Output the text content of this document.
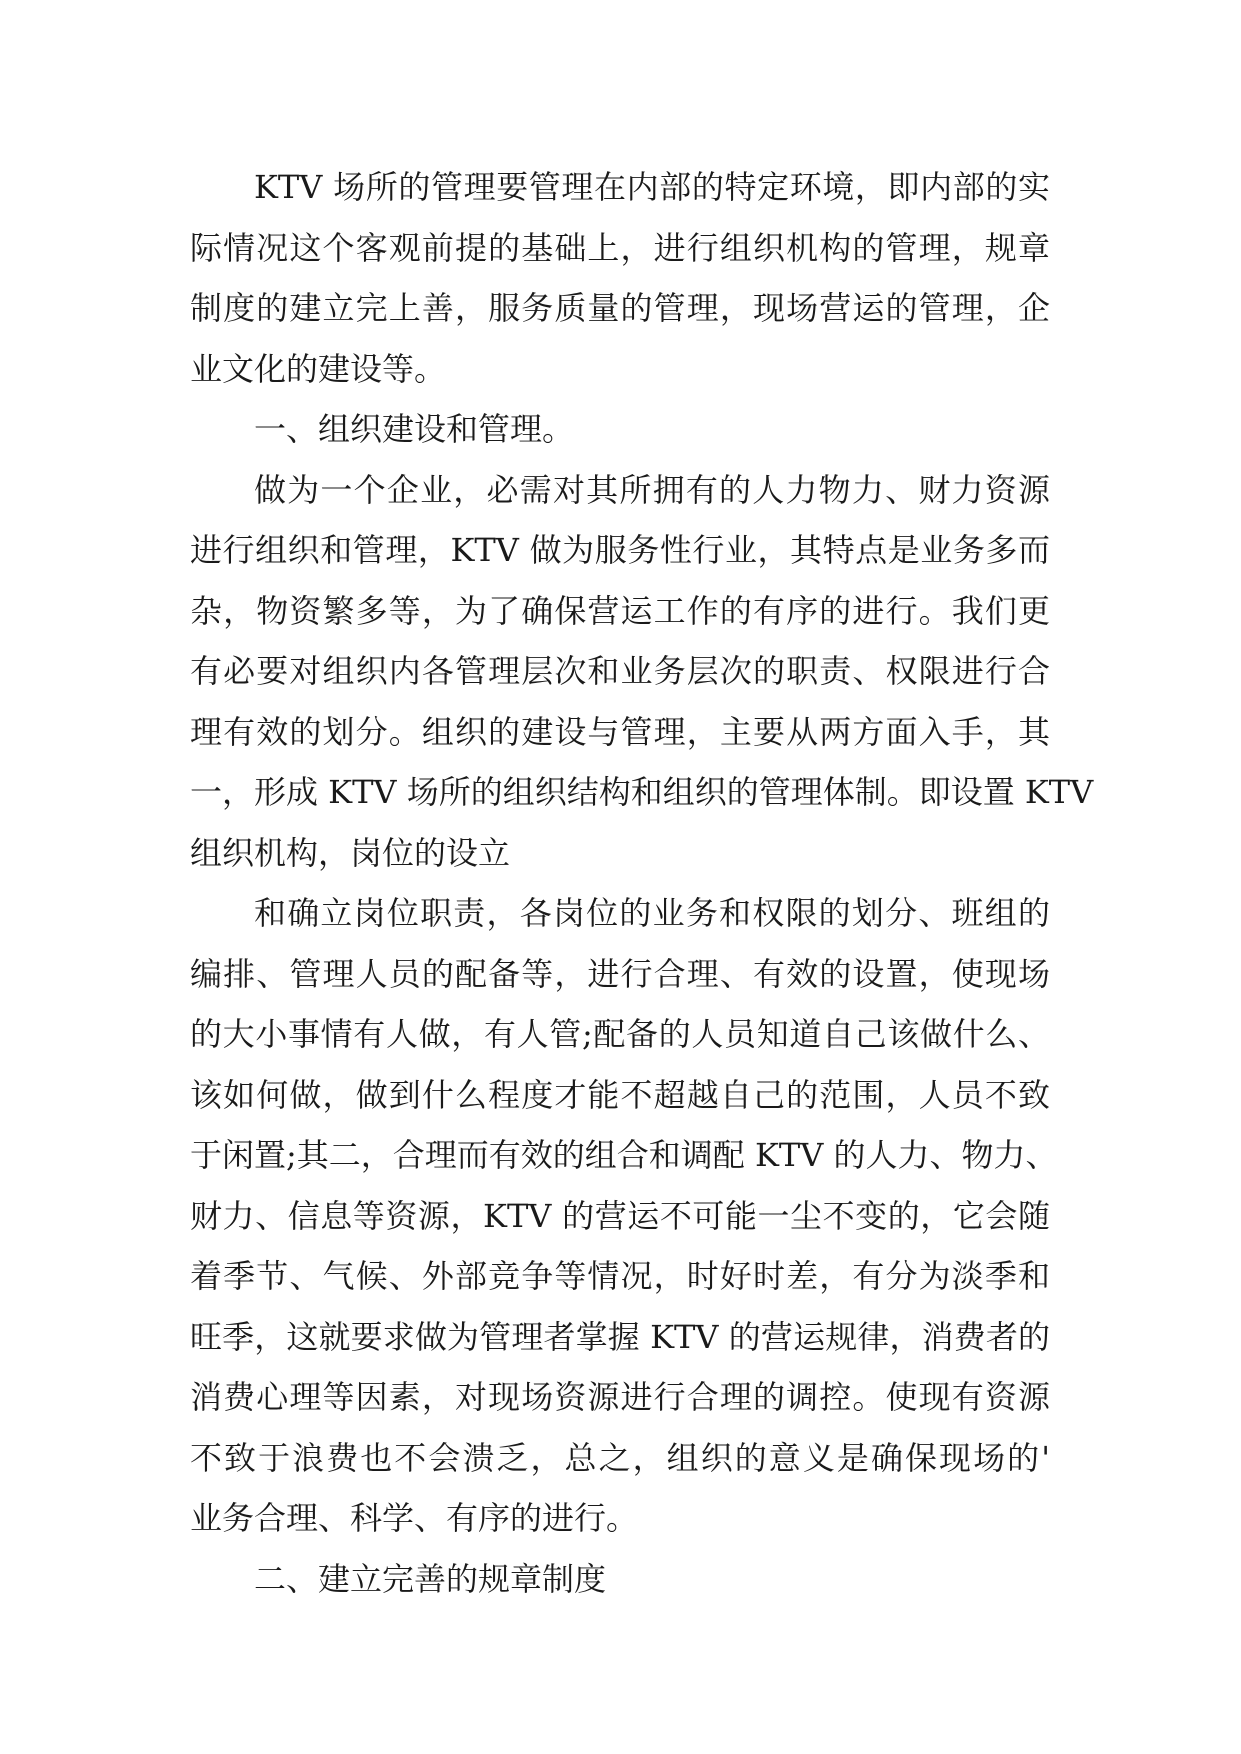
KTV 场所的管理要管理在内部的特定环境，即内部的实
际情况这个客观前提的基础上，进行组织机构的管理，规章
制度的建立完上善，服务质量的管理，现场营运的管理，企
业文化的建设等。
一、组织建设和管理。
做为一个企业，必需对其所拥有的人力物力、财力资源
进行组织和管理，KTV 做为服务性行业，其特点是业务多而
杂，物资繁多等，为了确保营运工作的有序的进行。我们更
有必要对组织内各管理层次和业务层次的职责、权限进行合
理有效的划分。组织的建设与管理，主要从两方面入手，其
一，形成 KTV 场所的组织结构和组织的管理体制。即设置 KTV
组织机构，岗位的设立
和确立岗位职责，各岗位的业务和权限的划分、班组的
编排、管理人员的配备等，进行合理、有效的设置，使现场
的大小事情有人做，有人管;配备的人员知道自己该做什么、
该如何做，做到什么程度才能不超越自己的范围，人员不致
于闲置;其二，合理而有效的组合和调配 KTV 的人力、物力、
财力、信息等资源，KTV 的营运不可能一尘不变的，它会随
着季节、气候、外部竞争等情况，时好时差，有分为淡季和
旺季，这就要求做为管理者掌握 KTV 的营运规律，消费者的
消费心理等因素，对现场资源进行合理的调控。使现有资源
不致于浪费也不会溃乏，总之，组织的意义是确保现场的'
业务合理、科学、有序的进行。
二、建立完善的规章制度
